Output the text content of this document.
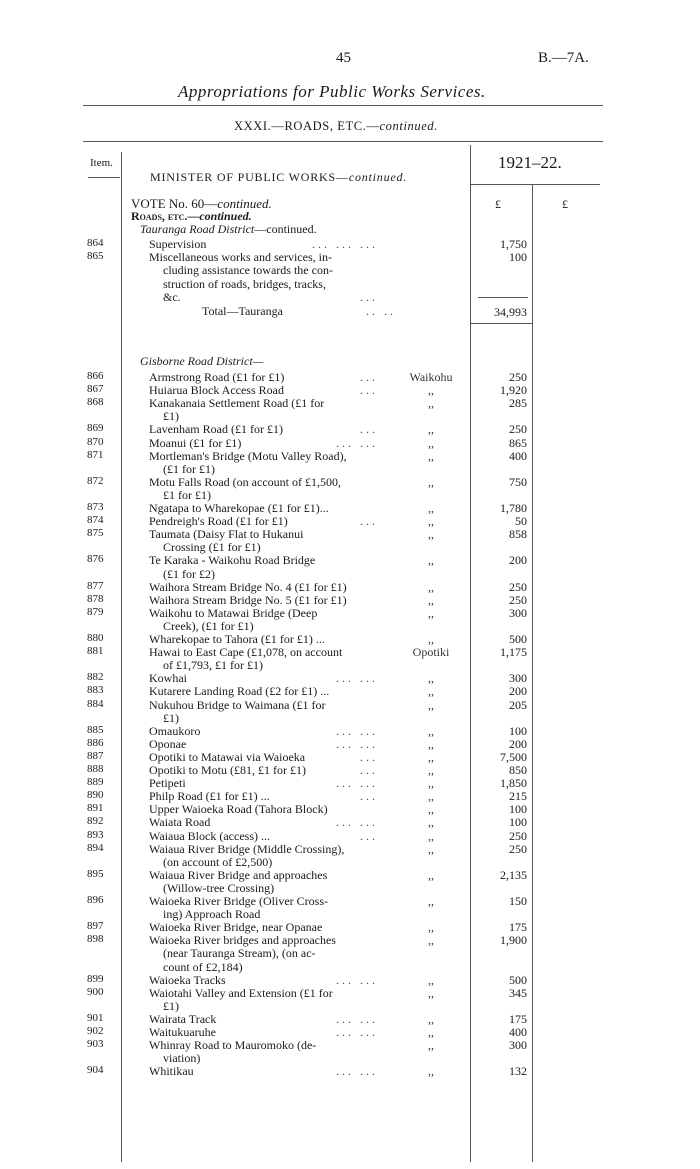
45	B.—7A.
Appropriations for Public Works Services.
XXXI.—ROADS, ETC.—continued.
Item.	1921–22.
MINISTER OF PUBLIC WORKS—continued.
VOTE No. 60—continued.
Roads, etc.—continued.
£	£
Tauranga Road District—continued.
864	Supervision	... ... ...	1,750
865	Miscellaneous works and services, in-	100
cluding assistance towards the con-
struction of roads, bridges, tracks,
&c.	...
Total—Tauranga	.. ..	34,993
Gisborne Road District—
866	Armstrong Road (£1 for £1)	...	Waikohu	250
867	Huiarua Block Access Road	...	,,	1,920
868	Kanakanaia Settlement Road (£1 for	,,	285
£1)
869	Lavenham Road (£1 for £1)	...	,,	250
870	Moanui (£1 for £1)	... ...	,,	865
871	Mortleman's Bridge (Motu Valley Road),	,,	400
(£1 for £1)
872	Motu Falls Road (on account of £1,500,	,,	750
£1 for £1)
873	Ngatapa to Wharekopae (£1 for £1)...	,,	1,780
874	Pendreigh's Road (£1 for £1)	...	,,	50
875	Taumata (Daisy Flat to Hukanui	,,	858
Crossing (£1 for £1)
876	Te Karaka - Waikohu Road Bridge	,,	200
(£1 for £2)
877	Waihora Stream Bridge No. 4 (£1 for £1)	,,	250
878	Waihora Stream Bridge No. 5 (£1 for £1)	,,	250
879	Waikohu to Matawai Bridge (Deep	,,	300
Creek), (£1 for £1)
880	Wharekopae to Tahora (£1 for £1) ...	,,	500
881	Hawai to East Cape (£1,078, on account	Opotiki	1,175
of £1,793, £1 for £1)
882	Kowhai	... ...	,,	300
883	Kutarere Landing Road (£2 for £1) ...	,,	200
884	Nukuhou Bridge to Waimana (£1 for	,,	205
£1)
885	Omaukoro	... ...	,,	100
886	Oponae	... ...	,,	200
887	Opotiki to Matawai via Waioeka	...	,,	7,500
888	Opotiki to Motu (£81, £1 for £1)	...	,,	850
889	Petipeti	... ...	,,	1,850
890	Philp Road (£1 for £1) ...	...	,,	215
891	Upper Waioeka Road (Tahora Block)	,,	100
892	Waiata Road	... ...	,,	100
893	Waiaua Block (access) ...	...	,,	250
894	Waiaua River Bridge (Middle Crossing),	,,	250
(on account of £2,500)
895	Waiaua River Bridge and approaches	,,	2,135
(Willow-tree Crossing)
896	Waioeka River Bridge (Oliver Cross-	,,	150
ing) Approach Road
897	Waioeka River Bridge, near Opanae	,,	175
898	Waioeka River bridges and approaches	,,	1,900
(near Tauranga Stream), (on ac-
count of £2,184)
899	Waioeka Tracks	... ...	,,	500
900	Waiotahi Valley and Extension (£1 for	,,	345
£1)
901	Wairata Track	... ...	,,	175
902	Waitukuaruhe	... ...	,,	400
903	Whinray Road to Mauromoko (de-	,,	300
viation)
904	Whitikau	... ...	,,	132
